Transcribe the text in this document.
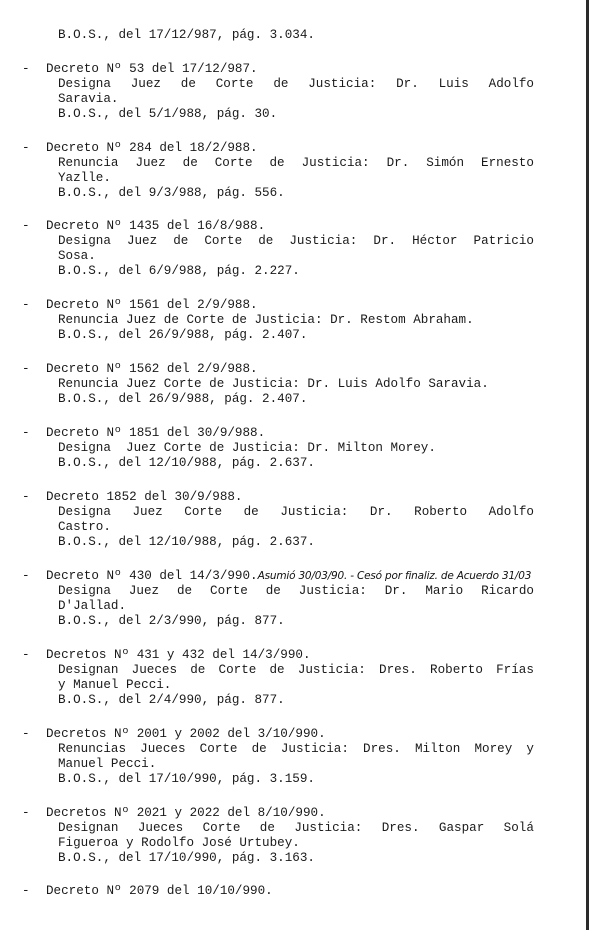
B.O.S., del 17/12/987, pág. 3.034.
- Decreto Nº 53 del 17/12/987.
Designa Juez de Corte de Justicia: Dr. Luis Adolfo
Saravia.
B.O.S., del 5/1/988, pág. 30.
- Decreto Nº 284 del 18/2/988.
Renuncia Juez de Corte de Justicia: Dr. Simón Ernesto
Yazlle.
B.O.S., del 9/3/988, pág. 556.
- Decreto Nº 1435 del 16/8/988.
Designa Juez de Corte de Justicia: Dr. Héctor Patricio
Sosa.
B.O.S., del 6/9/988, pág. 2.227.
- Decreto Nº 1561 del 2/9/988.
Renuncia Juez de Corte de Justicia: Dr. Restom Abraham.
B.O.S., del 26/9/988, pág. 2.407.
- Decreto Nº 1562 del 2/9/988.
Renuncia Juez Corte de Justicia: Dr. Luis Adolfo Saravia.
B.O.S., del 26/9/988, pág. 2.407.
- Decreto Nº 1851 del 30/9/988.
Designa  Juez Corte de Justicia: Dr. Milton Morey.
B.O.S., del 12/10/988, pág. 2.637.
- Decreto 1852 del 30/9/988.
Designa Juez Corte de Justicia: Dr. Roberto Adolfo
Castro.
B.O.S., del 12/10/988, pág. 2.637.
- Decreto Nº 430 del 14/3/990.Asumió 30/03/90. - Cesó por finaliz. de Acuerdo 31/03
Designa Juez de Corte de Justicia: Dr. Mario Ricardo
D'Jallad.
B.O.S., del 2/3/990, pág. 877.
- Decretos Nº 431 y 432 del 14/3/990.
Designan Jueces de Corte de Justicia: Dres. Roberto Frías
y Manuel Pecci.
B.O.S., del 2/4/990, pág. 877.
- Decretos Nº 2001 y 2002 del 3/10/990.
Renuncias Jueces Corte de Justicia: Dres. Milton Morey y
Manuel Pecci.
B.O.S., del 17/10/990, pág. 3.159.
- Decretos Nº 2021 y 2022 del 8/10/990.
Designan Jueces Corte de Justicia: Dres. Gaspar Solá
Figueroa y Rodolfo José Urtubey.
B.O.S., del 17/10/990, pág. 3.163.
- Decreto Nº 2079 del 10/10/990.
